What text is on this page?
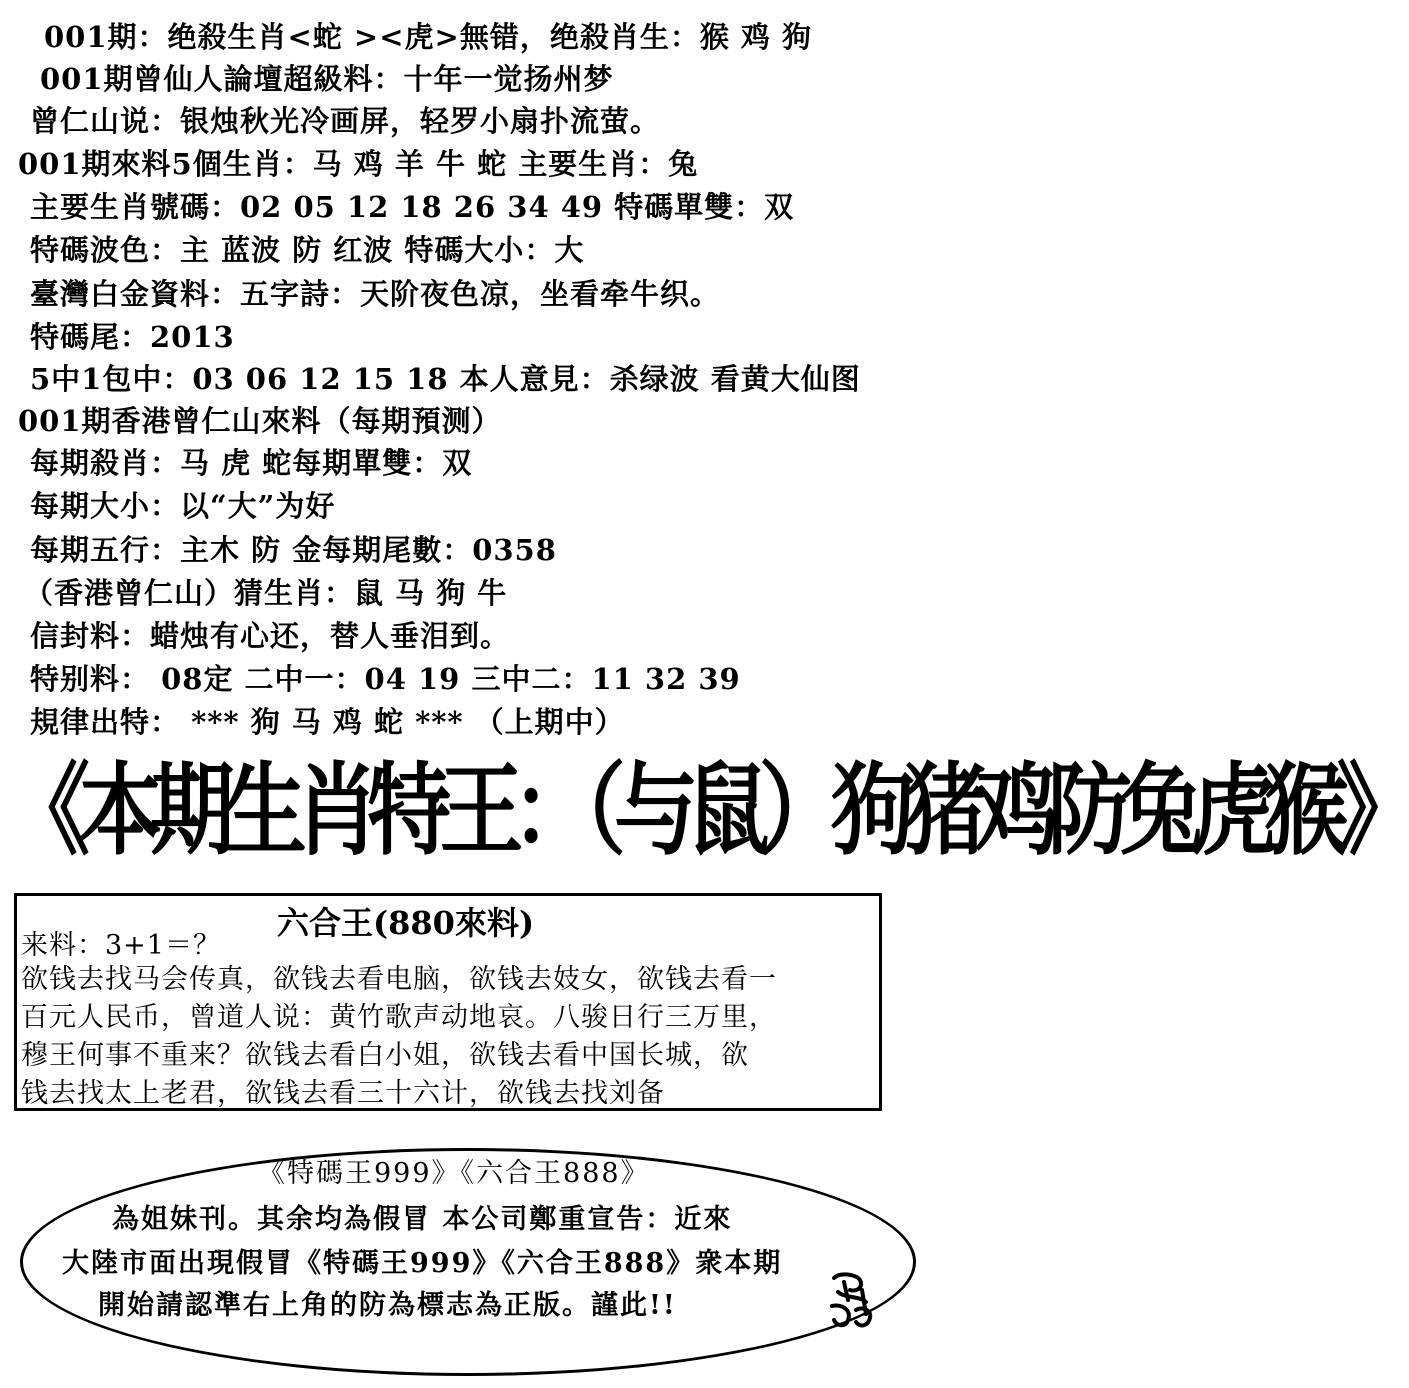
001期：绝殺生肖<蛇 ><虎>無错，绝殺肖生：猴 鸡 狗
001期曾仙人論壇超級料：十年一觉扬州梦
曾仁山说：银烛秋光冷画屏，轻罗小扇扑流萤。
001期來料5個生肖：马 鸡 羊 牛 蛇 主要生肖：兔
主要生肖號碼：02 05 12 18 26 34 49 特碼單雙：双
特碼波色：主 蓝波 防 红波 特碼大小：大
臺灣白金資料：五字詩：天阶夜色凉，坐看牵牛织。
特碼尾：2013
5中1包中：03 06 12 15 18 本人意見：杀绿波 看黄大仙图
001期香港曾仁山來料（每期預测）
每期殺肖：马 虎 蛇每期單雙：双
每期大小：以“大”为好
每期五行：主木 防 金每期尾數：0358
（香港曾仁山）猜生肖：鼠 马 狗 牛
信封料：蜡烛有心还，替人垂泪到。
特别料： 08定 二中一：04 19 三中二：11 32 39
規律出特： *** 狗 马 鸡 蛇 *** （上期中）
《本期生肖特王：（与鼠）狗猪鸡防兔虎猴》
六合王(880來料)
来料：3+1＝？
欲钱去找马会传真，欲钱去看电脑，欲钱去妓女，欲钱去看一
百元人民币，曾道人说：黄竹歌声动地哀。八骏日行三万里，
穆王何事不重来？欲钱去看白小姐，欲钱去看中国长城，欲
钱去找太上老君，欲钱去看三十六计，欲钱去找刘备
《特碼王999》《六合王888》
為姐妹刊。其余均為假冒 本公司鄭重宣告：近來
大陸市面出現假冒《特碼王999》《六合王888》衆本期
開始請認準右上角的防為標志為正版。謹此!!
